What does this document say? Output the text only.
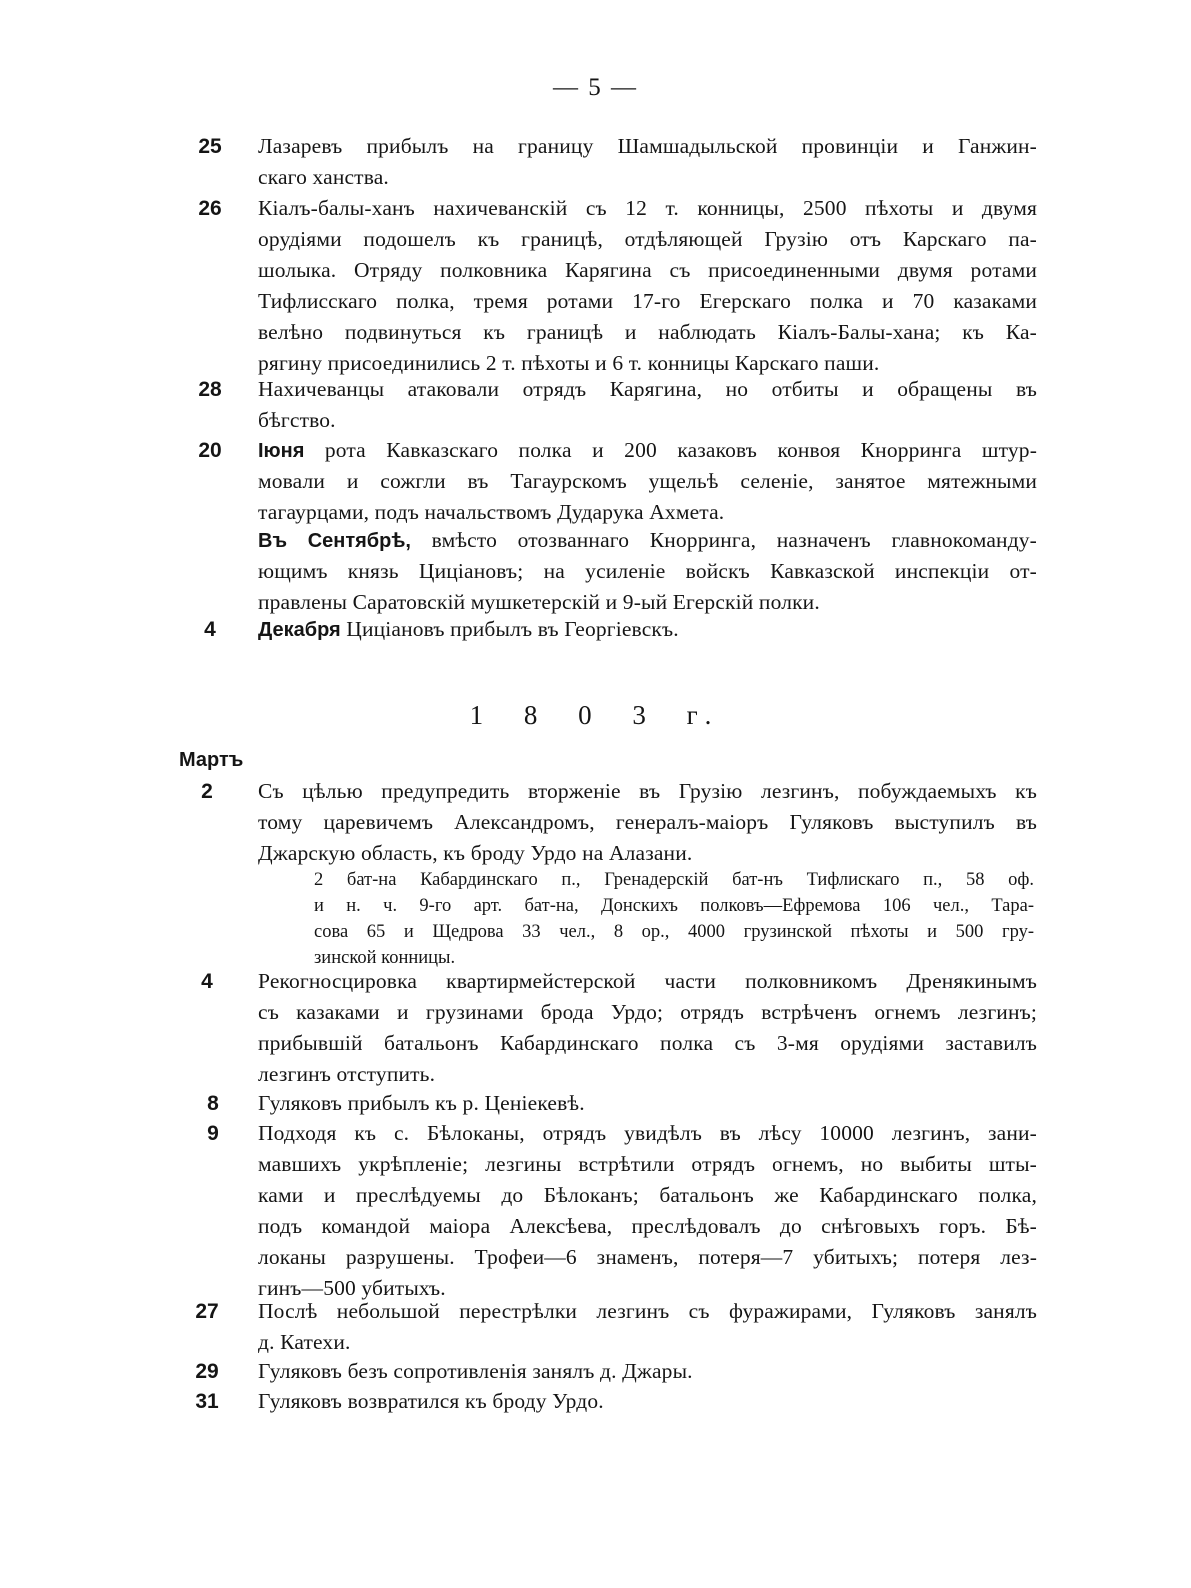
— 5 —
25	Лазаревъ прибылъ на границу Шамшадыльской провинціи и Ганжин-
скаго ханства.
26	Кіалъ-балы-ханъ нахичеванскій съ 12 т. конницы, 2500 пѣхоты и двумя
орудіями подошелъ къ границѣ, отдѣляющей Грузію отъ Карскаго па-
шолыка. Отряду полковника Карягина съ присоединенными двумя ротами
Тифлисскаго полка, тремя ротами 17-го Егерскаго полка и 70 казаками
велѣно подвинуться къ границѣ и наблюдать Кіалъ-Балы-хана; къ Ка-
рягину присоединились 2 т. пѣхоты и 6 т. конницы Карскаго паши.
28	Нахичеванцы атаковали отрядъ Карягина, но отбиты и обращены въ
бѣгство.
20	Іюня рота Кавказскаго полка и 200 казаковъ конвоя Кнорринга штур-
мовали и сожгли въ Тагаурскомъ ущельѣ селеніе, занятое мятежными
тагаурцами, подъ начальствомъ Дударука Ахмета.
Въ Сентябрѣ, вмѣсто отозваннаго Кнорринга, назначенъ главнокоманду-
ющимъ князь Цицiановъ; на усиленіе войскъ Кавказской инспекціи от-
правлены Саратовскій мушкетерскій и 9-ый Егерскій полки.
4	Декабря Цицiановъ прибылъ въ Георгіевскъ.
1 8 0 3 г.
Мартъ
2	Съ цѣлью предупредить вторженіе въ Грузію лезгинъ, побуждаемыхъ къ
тому царевичемъ Александромъ, генералъ-маіоръ Гуляковъ выступилъ въ
Джарскую область, къ броду Урдо на Алазани.
2 бат-на Кабардинскаго п., Гренадерскій бат-нъ Тифлискаго п., 58 оф.
и н. ч. 9-го арт. бат-на, Донскихъ полковъ—Ефремова 106 чел., Тара-
сова 65 и Щедрова 33 чел., 8 ор., 4000 грузинской пѣхоты и 500 гру-
зинской конницы.
4	Рекогносцировка квартирмейстерской части полковникомъ Дренякинымъ
съ казаками и грузинами брода Урдо; отрядъ встрѣченъ огнемъ лезгинъ;
прибывшій батальонъ Кабардинскаго полка съ 3-мя орудіями заставилъ
лезгинъ отступить.
8	Гуляковъ прибылъ къ р. Ценіекевѣ.
9	Подходя къ с. Бѣлоканы, отрядъ увидѣлъ въ лѣсу 10000 лезгинъ, зани-
мавшихъ укрѣпленіе; лезгины встрѣтили отрядъ огнемъ, но выбиты шты-
ками и преслѣдуемы до Бѣлоканъ; батальонъ же Кабардинскаго полка,
подъ командой маіора Алексѣева, преслѣдовалъ до снѣговыхъ горъ. Бѣ-
локаны разрушены. Трофеи—6 знаменъ, потеря—7 убитыхъ; потеря лез-
гинъ—500 убитыхъ.
27	Послѣ небольшой перестрѣлки лезгинъ съ фуражирами, Гуляковъ занялъ
д. Катехи.
29	Гуляковъ безъ сопротивленія занялъ д. Джары.
31	Гуляковъ возвратился къ броду Урдо.
